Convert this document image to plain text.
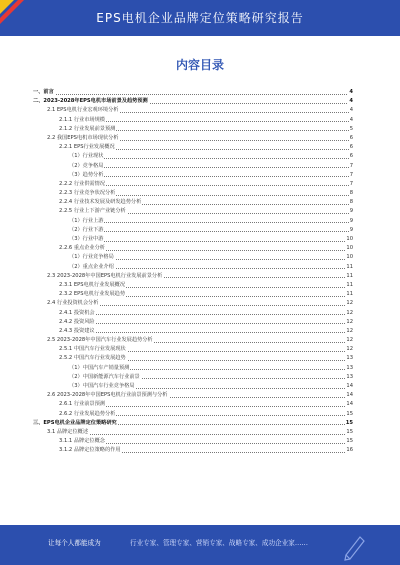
EPS电机企业品牌定位策略研究报告
内容目录
一、前言	4
二、2023-2028年EPS电机市场前景及趋势预测	4
2.1 EPS电机行业宏观环境分析	4
2.1.1 行业市场规模	4
2.1.2 行业发展前景预测	5
2.2 我国EPS电机市场现状分析	6
2.2.1 EPS行业发展概况	6
（1）行业现状	6
（2）竞争格局	7
（3）趋势分析	7
2.2.2 行业供需情况	7
2.2.3 行业竞争状况分析	8
2.2.4 行业技术发展及研发趋势分析	8
2.2.5 行业上下游产业链分析	9
（1）行业上游	9
（2）行业下游	9
（3）行业中游	10
2.2.6 重点企业分析	10
（1）行业竞争格局	10
（2）重点企业介绍	11
2.3 2023-2028年中国EPS电机行业发展前景分析	11
2.3.1 EPS电机行业发展概况	11
2.3.2 EPS电机行业发展趋势	11
2.4 行业投资机会分析	12
2.4.1 投资机会	12
2.4.2 投资风险	12
2.4.3 投资建议	12
2.5 2023-2028年中国汽车行业发展趋势分析	12
2.5.1 中国汽车行业发展现状	12
2.5.2 中国汽车行业发展趋势	13
（1）中国汽车产销量预测	13
（2）中国新能源汽车行业前景	13
（3）中国汽车行业竞争格局	14
2.6 2023-2028年中国EPS电机行业前景预测与分析	14
2.6.1 行业前景预测	14
2.6.2 行业发展趋势分析	15
三、EPS电机企业品牌定位策略研究	15
3.1 品牌定位概述	15
3.1.1 品牌定位概念	15
3.1.2 品牌定位策略的作用	16
让每个人都能成为	行业专家、管理专家、营销专家、战略专家、成功企业家……
